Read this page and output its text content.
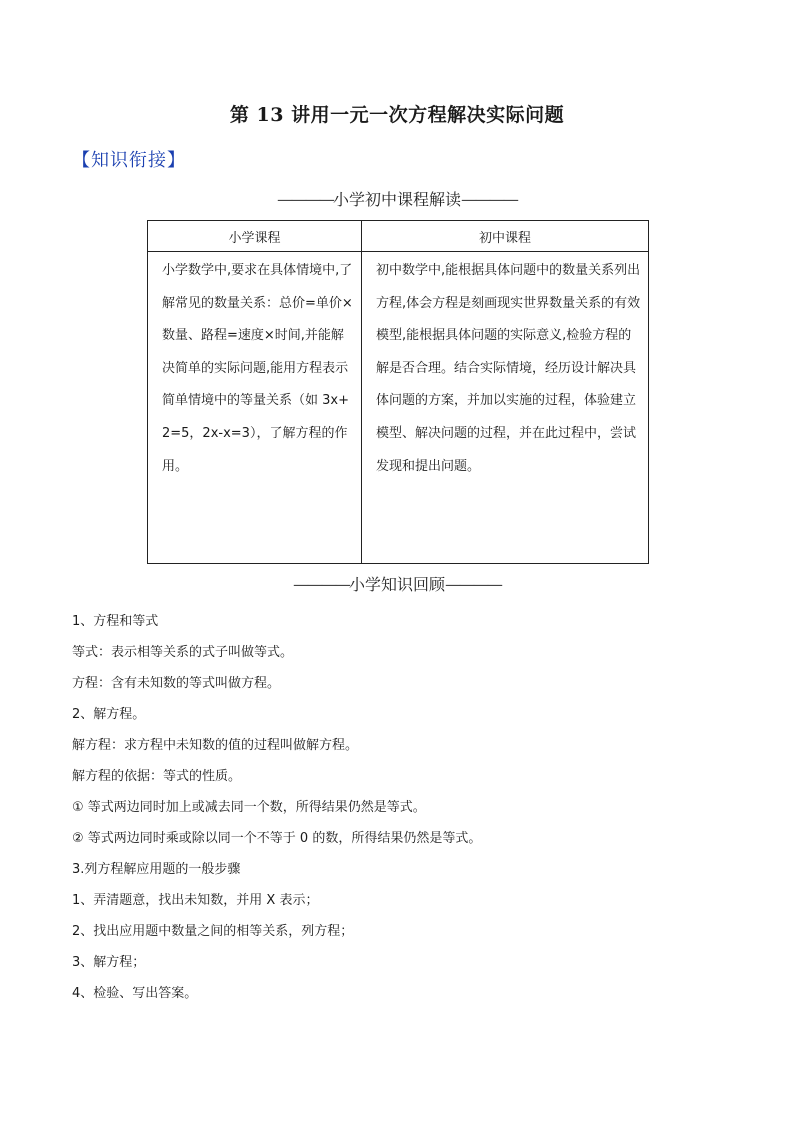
第 13 讲用一元一次方程解决实际问题
【知识衔接】
————小学初中课程解读————
小学课程	初中课程
小学数学中,要求在具体情境中,了解常见的数量关系：总价=单价×数量、路程=速度×时间,并能解决简单的实际问题,能用方程表示简单情境中的等量关系（如 3x+2=5，2x-x=3），了解方程的作用。	初中数学中,能根据具体问题中的数量关系列出方程,体会方程是刻画现实世界数量关系的有效模型,能根据具体问题的实际意义,检验方程的解是否合理。结合实际情境，经历设计解决具体问题的方案，并加以实施的过程，体验建立模型、解决问题的过程，并在此过程中，尝试发现和提出问题。
————小学知识回顾————

1、方程和等式

等式：表示相等关系的式子叫做等式。

方程：含有未知数的等式叫做方程。

2、解方程。

解方程：求方程中未知数的值的过程叫做解方程。

解方程的依据：等式的性质。

① 等式两边同时加上或减去同一个数，所得结果仍然是等式。

② 等式两边同时乘或除以同一个不等于 0 的数，所得结果仍然是等式。

3.列方程解应用题的一般步骤

1、弄清题意，找出未知数，并用 X 表示；

2、找出应用题中数量之间的相等关系，列方程；

3、解方程；

4、检验、写出答案。
